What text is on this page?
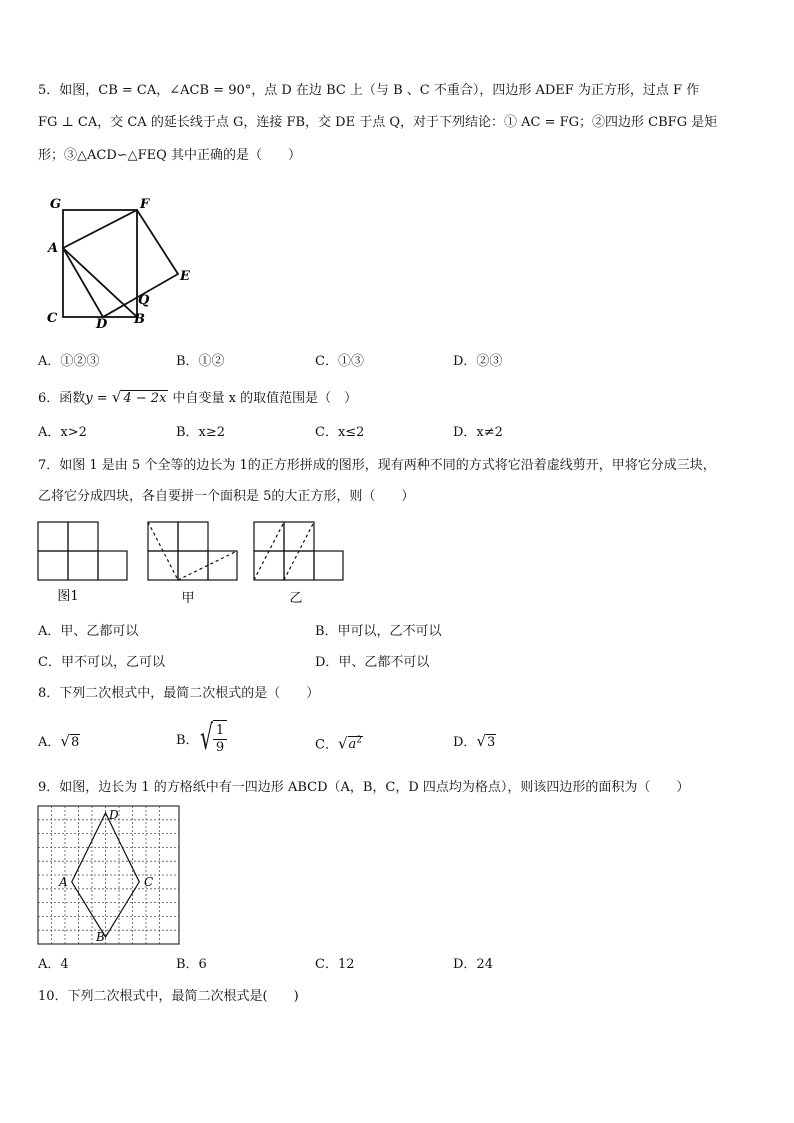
5．如图，CB = CA，∠ACB = 90°，点 D 在边 BC 上（与 B 、C 不重合），四边形 ADEF 为正方形，过点 F 作
FG ⊥ CA，交 CA 的延长线于点 G，连接 FB，交 DE 于点 Q，对于下列结论：① AC = FG；②四边形 CBFG 是矩
形；③△ACD∽△FEQ 其中正确的是（　　）
G	F
A
E
Q
C	D B
A．①②③	B．①②	C．①③	D．②③
6．函数y = √ 4 − 2x 中自变量 x 的取值范围是（　）
A．x>2	B．x≥2	C．x≤2	D．x≠2
7．如图 1 是由 5 个全等的边长为 1的正方形拼成的图形，现有两种不同的方式将它沿着虚线剪开，甲将它分成三块，
乙将它分成四块，各自要拼一个面积是 5的大正方形，则（　　）
图1	甲	乙
A．甲、乙都可以	B．甲可以，乙不可以
C．甲不可以，乙可以	D．甲、乙都不可以
8．下列二次根式中，最简二次根式的是（　　）
A．√8	B． √ $\frac{1}{9}$	C．$√a^2$	D．√3
9．如图，边长为 1 的方格纸中有一四边形 ABCD（A，B，C，D 四点均为格点），则该四边形的面积为（　　）
A
D
C
B
A．4	B．6	C．12	D．24
10．下列二次根式中，最简二次根式是(　　)
